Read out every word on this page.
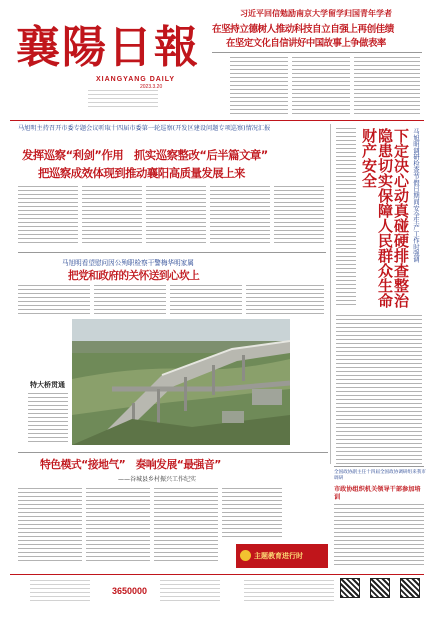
襄陽日報
XIANGYANG DAILY
2023.3.20
习近平回信勉励南京大学留学归国青年学者
在坚持立德树人推动科技自立自强上再创佳绩
在坚定文化自信讲好中国故事上争做表率
马旭明主持召开市委专题会议听取十四届市委第一轮巡察(开发区建设问题专项巡察)情况汇报
发挥巡察“利剑”作用　抓实巡察整改“后半篇文章”
把巡察成效体现到推动襄阳高质量发展上来	马旭明调研检查节假日期间安全生产工作时强调
下定决心动真碰硬排查整治隐患切实保障人民群众生命财产安全
马旭明看望慰问因公殉职检察干警梅华明家属
把党和政府的关怀送到心坎上
特大桥贯通
特色模式“接地气”　奏响发展“最强音”
——谷城县乡村振兴工作纪实
主题教育进行时
全国政协副主任十四届全国政协调研组来我市调研
市政协组织机关领导干部参加培训
3650000
